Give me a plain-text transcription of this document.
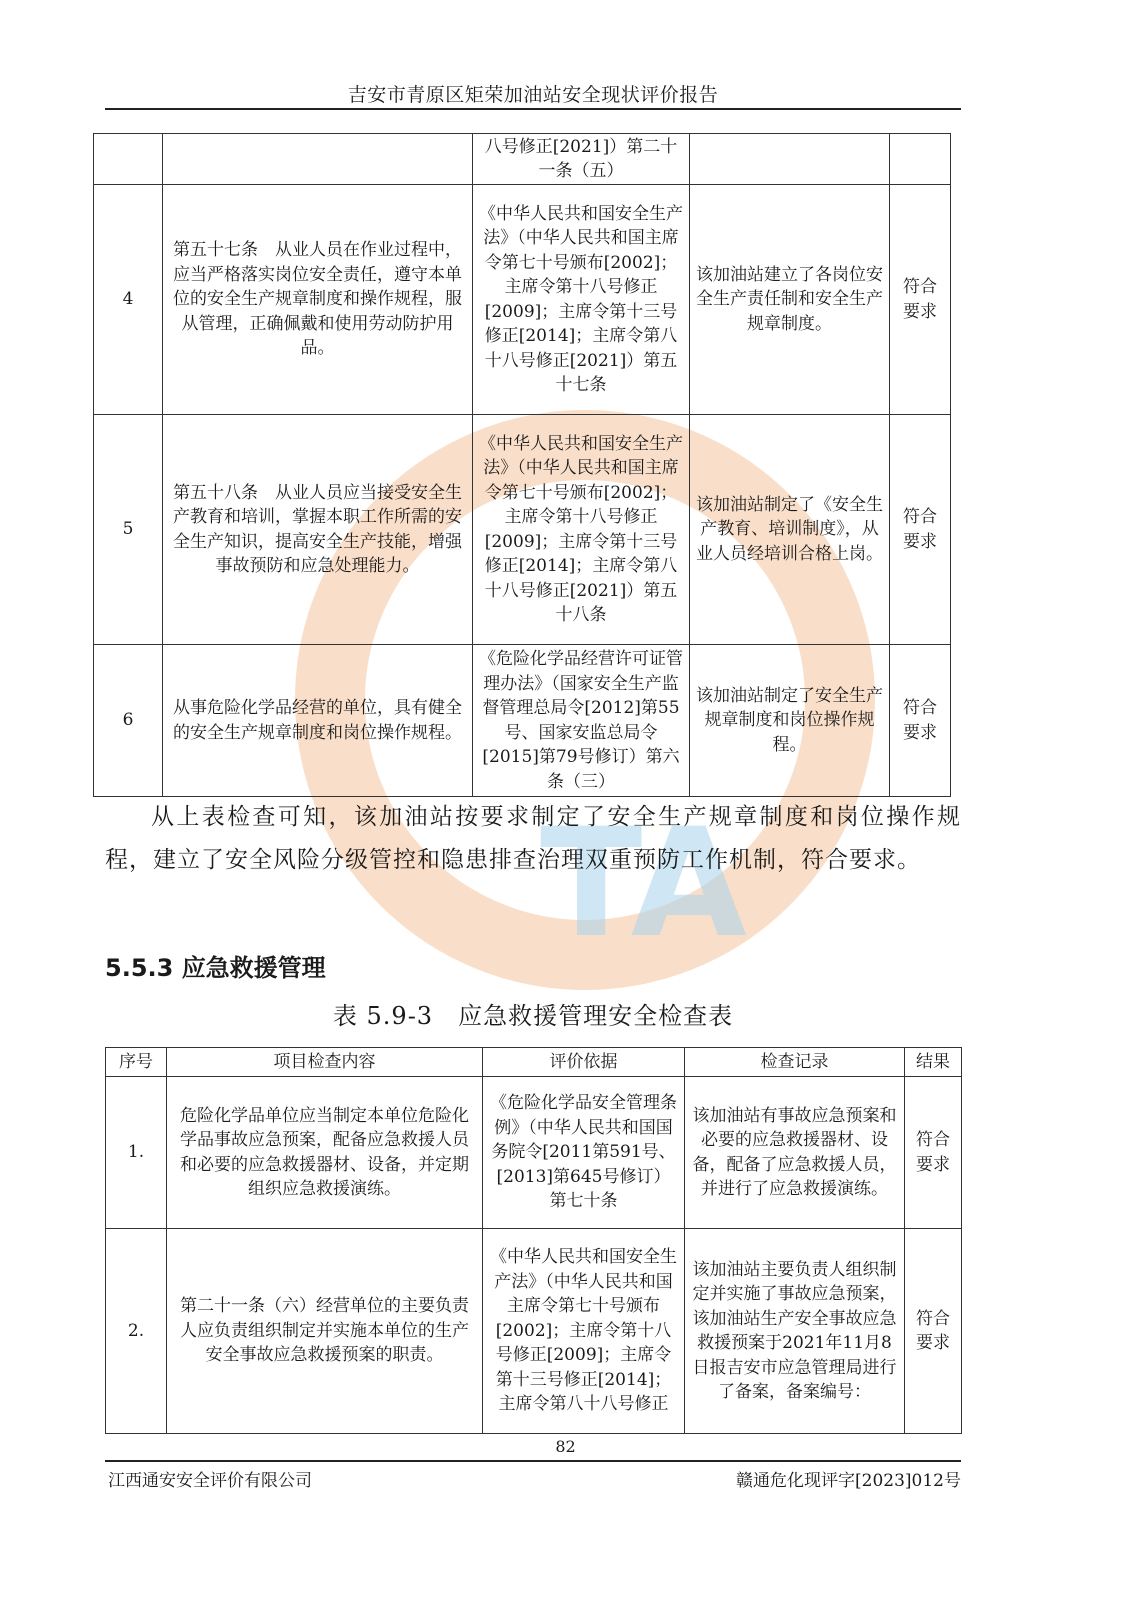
TA
吉安市青原区矩荣加油站安全现状评价报告
		八号修正[2021]）第二十一条（五）		
4	第五十七条　从业人员在作业过程中，应当严格落实岗位安全责任，遵守本单位的安全生产规章制度和操作规程，服从管理，正确佩戴和使用劳动防护用品。	《中华人民共和国安全生产法》（中华人民共和国主席令第七十号颁布[2002]；主席令第十八号修正[2009]；主席令第十三号修正[2014]；主席令第八十八号修正[2021]）第五十七条	该加油站建立了各岗位安全生产责任制和安全生产规章制度。	符合要求
5	第五十八条　从业人员应当接受安全生产教育和培训，掌握本职工作所需的安全生产知识，提高安全生产技能，增强事故预防和应急处理能力。	《中华人民共和国安全生产法》（中华人民共和国主席令第七十号颁布[2002]；主席令第十八号修正[2009]；主席令第十三号修正[2014]；主席令第八十八号修正[2021]）第五十八条	该加油站制定了《安全生产教育、培训制度》，从业人员经培训合格上岗。	符合要求
6	从事危险化学品经营的单位，具有健全的安全生产规章制度和岗位操作规程。	《危险化学品经营许可证管理办法》（国家安全生产监督管理总局令[2012]第55号、国家安监总局令[2015]第79号修订）第六条（三）	该加油站制定了安全生产规章制度和岗位操作规程。	符合要求

从上表检查可知，该加油站按要求制定了安全生产规章制度和岗位操作规程，建立了安全风险分级管控和隐患排查治理双重预防工作机制，符合要求。

5.5.3 应急救援管理

表 5.9-3　应急救援管理安全检查表

序号	项目检查内容	评价依据	检查记录	结果
1.	危险化学品单位应当制定本单位危险化学品事故应急预案，配备应急救援人员和必要的应急救援器材、设备，并定期组织应急救援演练。	《危险化学品安全管理条例》（中华人民共和国国务院令[2011第591号、[2013]第645号修订）第七十条	该加油站有事故应急预案和必要的应急救援器材、设备，配备了应急救援人员，并进行了应急救援演练。	符合要求
2.	第二十一条（六）经营单位的主要负责人应负责组织制定并实施本单位的生产安全事故应急救援预案的职责。	《中华人民共和国安全生产法》（中华人民共和国主席令第七十号颁布[2002]；主席令第十八号修正[2009]；主席令第十三号修正[2014]；主席令第八十八号修正	该加油站主要负责人组织制定并实施了事故应急预案，该加油站生产安全事故应急救援预案于2021年11月8日报吉安市应急管理局进行了备案，备案编号：	符合要求
82
江西通安安全评价有限公司	赣通危化现评字[2023]012号
